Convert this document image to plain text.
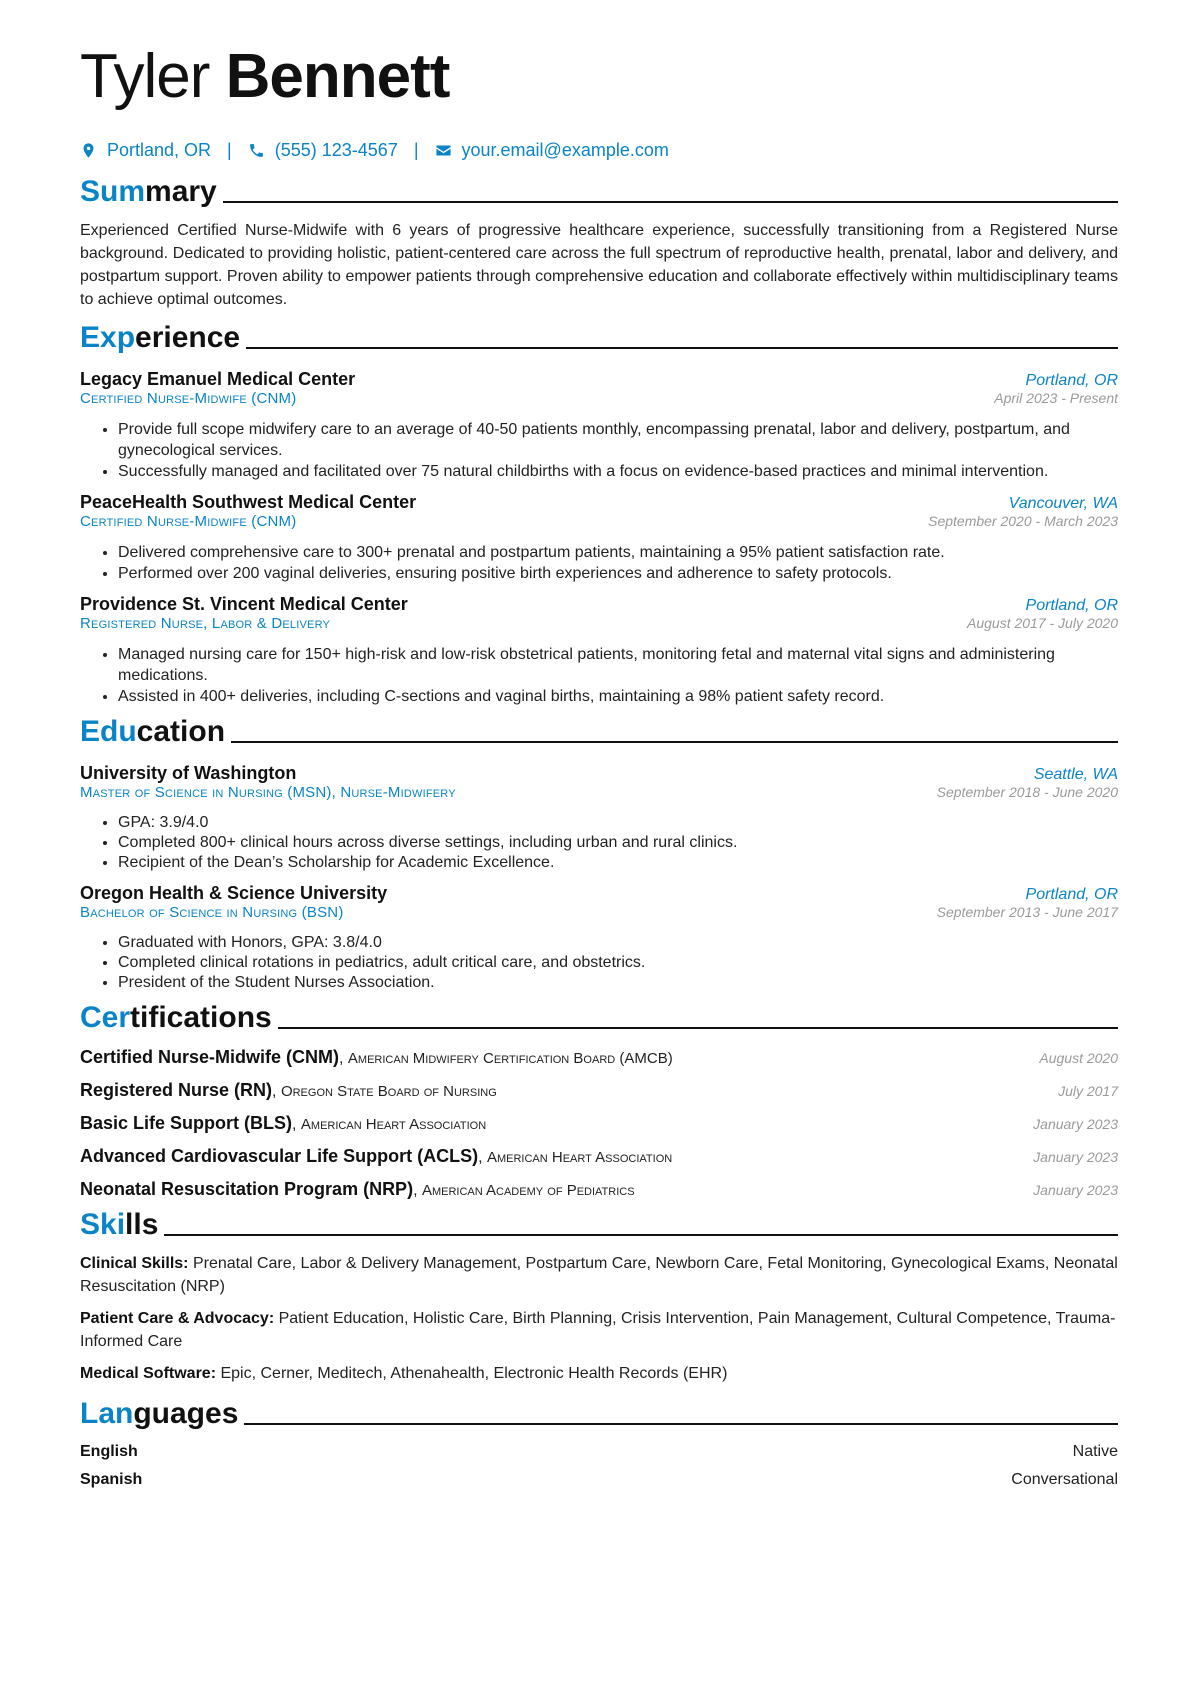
Tyler Bennett
Portland, OR | (555) 123-4567 | your.email@example.com
Summary
Experienced Certified Nurse-Midwife with 6 years of progressive healthcare experience, successfully transitioning from a Registered Nurse background. Dedicated to providing holistic, patient-centered care across the full spectrum of reproductive health, prenatal, labor and delivery, and postpartum support. Proven ability to empower patients through comprehensive education and collaborate effectively within multidisciplinary teams to achieve optimal outcomes.
Experience
Legacy Emanuel Medical Center	Portland, OR
Certified Nurse-Midwife (CNM)	April 2023 - Present
• Provide full scope midwifery care to an average of 40-50 patients monthly, encompassing prenatal, labor and delivery, postpartum, and gynecological services.
• Successfully managed and facilitated over 75 natural childbirths with a focus on evidence-based practices and minimal intervention.
PeaceHealth Southwest Medical Center	Vancouver, WA
Certified Nurse-Midwife (CNM)	September 2020 - March 2023
• Delivered comprehensive care to 300+ prenatal and postpartum patients, maintaining a 95% patient satisfaction rate.
• Performed over 200 vaginal deliveries, ensuring positive birth experiences and adherence to safety protocols.
Providence St. Vincent Medical Center	Portland, OR
Registered Nurse, Labor & Delivery	August 2017 - July 2020
• Managed nursing care for 150+ high-risk and low-risk obstetrical patients, monitoring fetal and maternal vital signs and administering medications.
• Assisted in 400+ deliveries, including C-sections and vaginal births, maintaining a 98% patient safety record.
Education
University of Washington	Seattle, WA
Master of Science in Nursing (MSN), Nurse-Midwifery	September 2018 - June 2020
• GPA: 3.9/4.0
• Completed 800+ clinical hours across diverse settings, including urban and rural clinics.
• Recipient of the Dean’s Scholarship for Academic Excellence.
Oregon Health & Science University	Portland, OR
Bachelor of Science in Nursing (BSN)	September 2013 - June 2017
• Graduated with Honors, GPA: 3.8/4.0
• Completed clinical rotations in pediatrics, adult critical care, and obstetrics.
• President of the Student Nurses Association.
Certifications
Certified Nurse-Midwife (CNM), American Midwifery Certification Board (AMCB)	August 2020
Registered Nurse (RN), Oregon State Board of Nursing	July 2017
Basic Life Support (BLS), American Heart Association	January 2023
Advanced Cardiovascular Life Support (ACLS), American Heart Association	January 2023
Neonatal Resuscitation Program (NRP), American Academy of Pediatrics	January 2023
Skills
Clinical Skills: Prenatal Care, Labor & Delivery Management, Postpartum Care, Newborn Care, Fetal Monitoring, Gynecological Exams, Neonatal Resuscitation (NRP)
Patient Care & Advocacy: Patient Education, Holistic Care, Birth Planning, Crisis Intervention, Pain Management, Cultural Competence, Trauma-Informed Care
Medical Software: Epic, Cerner, Meditech, Athenahealth, Electronic Health Records (EHR)
Languages
English	Native
Spanish	Conversational
